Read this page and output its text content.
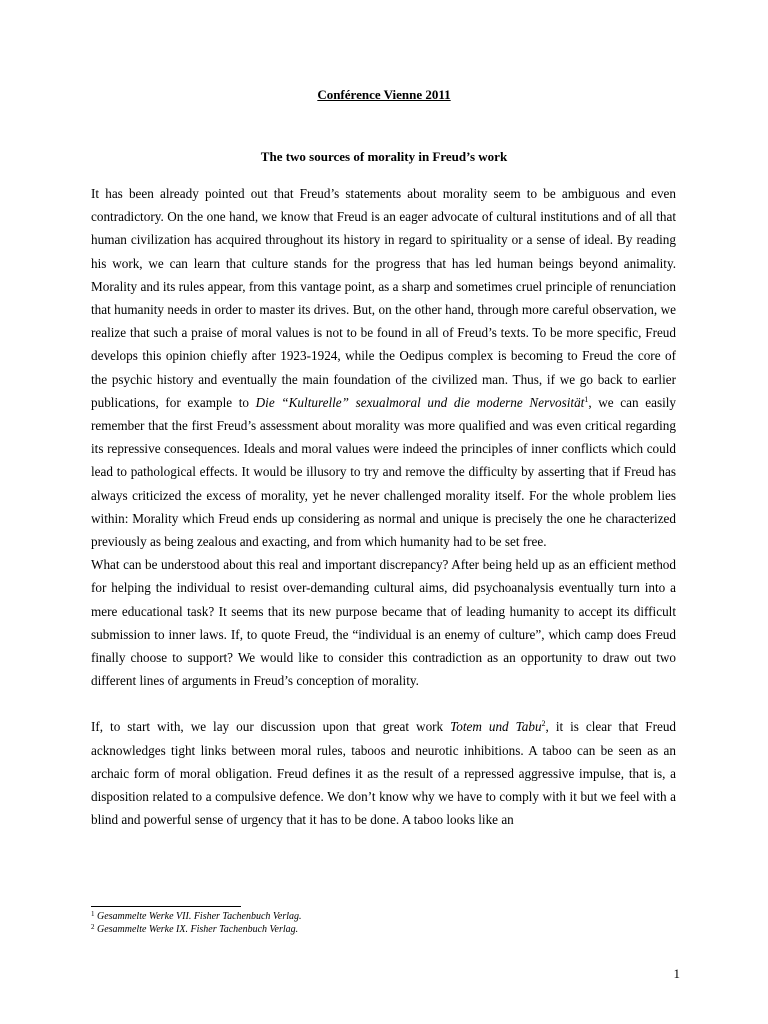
Conférence Vienne 2011
The two sources of morality in Freud’s work

It has been already pointed out that Freud’s statements about morality seem to be ambiguous and even contradictory. On the one hand, we know that Freud is an eager advocate of cultural institutions and of all that human civilization has acquired throughout its history in regard to spirituality or a sense of ideal. By reading his work, we can learn that culture stands for the progress that has led human beings beyond animality. Morality and its rules appear, from this vantage point, as a sharp and sometimes cruel principle of renunciation that humanity needs in order to master its drives. But, on the other hand, through more careful observation, we realize that such a praise of moral values is not to be found in all of Freud’s texts. To be more specific, Freud develops this opinion chiefly after 1923-1924, while the Oedipus complex is becoming to Freud the core of the psychic history and eventually the main foundation of the civilized man. Thus, if we go back to earlier publications, for example to Die “Kulturelle” sexualmoral und die moderne Nervosität$^1$, we can easily remember that the first Freud’s assessment about morality was more qualified and was even critical regarding its repressive consequences. Ideals and moral values were indeed the principles of inner conflicts which could lead to pathological effects. It would be illusory to try and remove the difficulty by asserting that if Freud has always criticized the excess of morality, yet he never challenged morality itself. For the whole problem lies within: Morality which Freud ends up considering as normal and unique is precisely the one he characterized previously as being zealous and exacting, and from which humanity had to be set free.

What can be understood about this real and important discrepancy? After being held up as an efficient method for helping the individual to resist over-demanding cultural aims, did psychoanalysis eventually turn into a mere educational task? It seems that its new purpose became that of leading humanity to accept its difficult submission to inner laws. If, to quote Freud, the “individual is an enemy of culture”, which camp does Freud finally choose to support? We would like to consider this contradiction as an opportunity to draw out two different lines of arguments in Freud’s conception of morality.

If, to start with, we lay our discussion upon that great work Totem und Tabu$^2$, it is clear that Freud acknowledges tight links between moral rules, taboos and neurotic inhibitions. A taboo can be seen as an archaic form of moral obligation. Freud defines it as the result of a repressed aggressive impulse, that is, a disposition related to a compulsive defence. We don’t know why we have to comply with it but we feel with a blind and powerful sense of urgency that it has to be done. A taboo looks like an

$^1$ Gesammelte Werke VII. Fisher Tachenbuch Verlag.
$^2$ Gesammelte Werke IX. Fisher Tachenbuch Verlag.
1
